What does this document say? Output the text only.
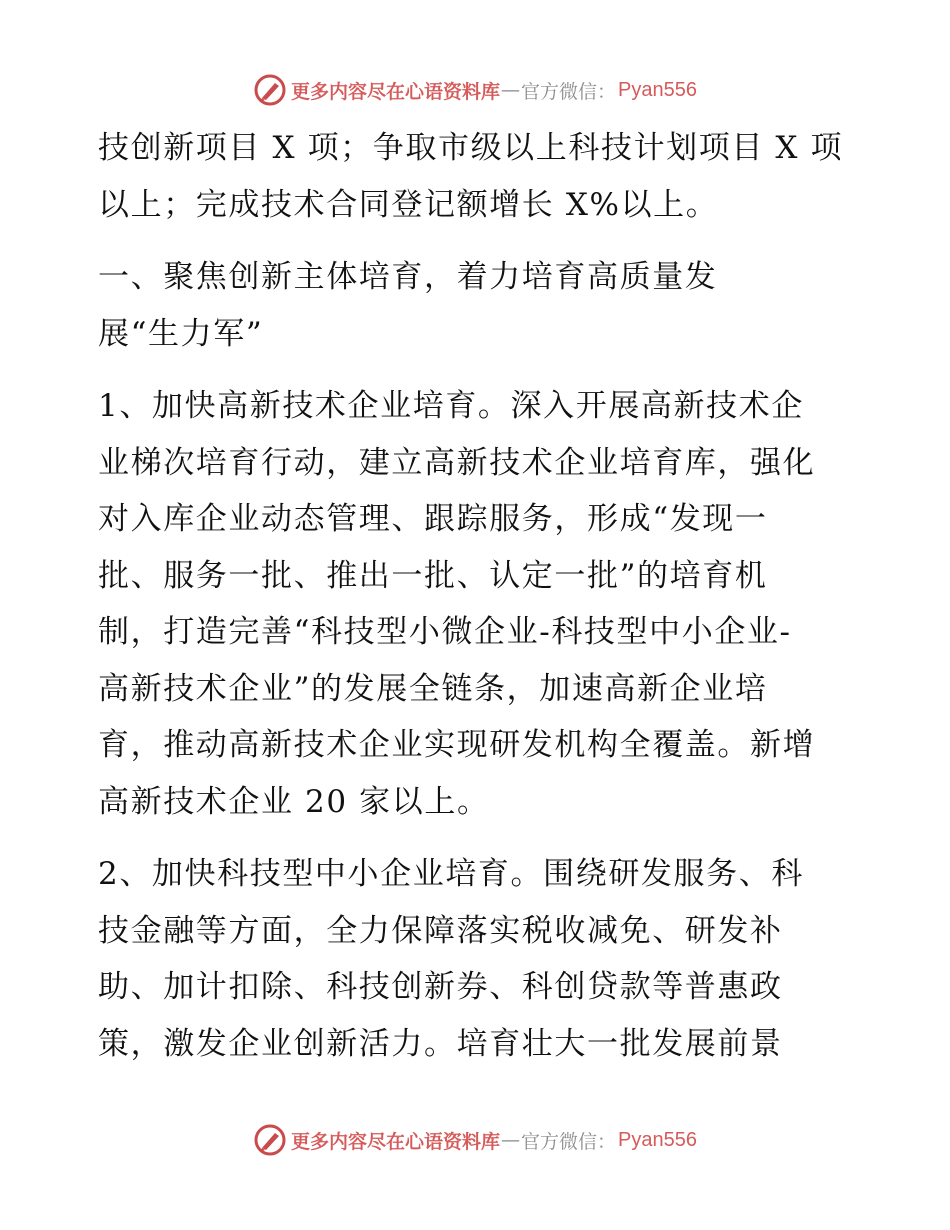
更多内容尽在心语资料库 — 官方微信： Pyan556

技创新项目 X 项；争取市级以上科技计划项目 X 项
以上；完成技术合同登记额增长 X%以上。

一、聚焦创新主体培育，着力培育高质量发
展“生力军”

1、加快高新技术企业培育。深入开展高新技术企
业梯次培育行动，建立高新技术企业培育库，强化
对入库企业动态管理、跟踪服务，形成“发现一
批、服务一批、推出一批、认定一批”的培育机
制，打造完善“科技型小微企业-科技型中小企业-
高新技术企业”的发展全链条，加速高新企业培
育，推动高新技术企业实现研发机构全覆盖。新增
高新技术企业 20 家以上。

2、加快科技型中小企业培育。围绕研发服务、科
技金融等方面，全力保障落实税收减免、研发补
助、加计扣除、科技创新券、科创贷款等普惠政
策，激发企业创新活力。培育壮大一批发展前景

更多内容尽在心语资料库 — 官方微信： Pyan556
